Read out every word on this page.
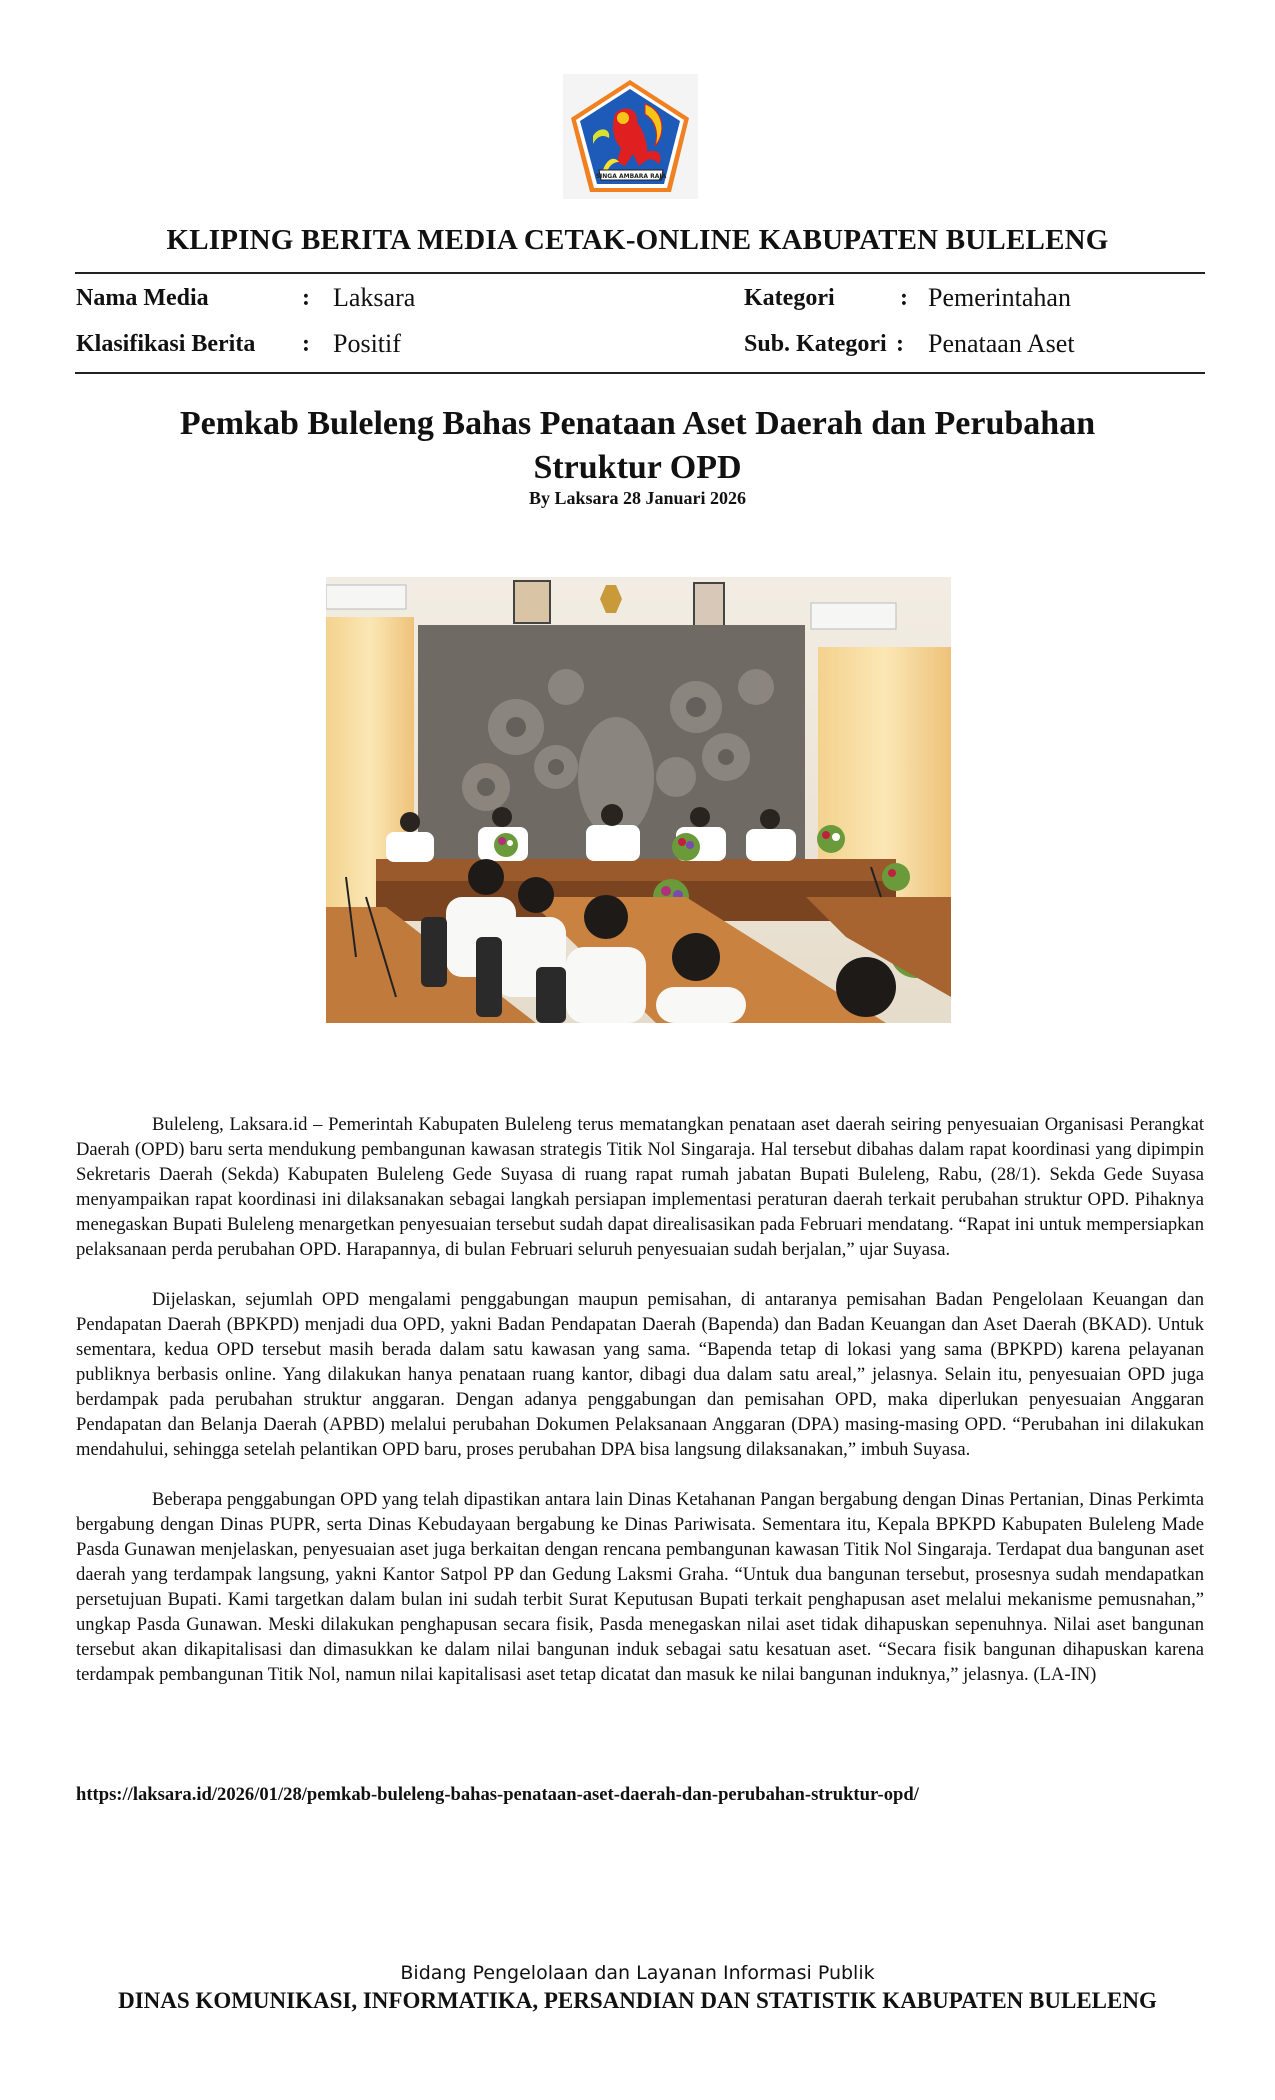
SINGA AMBARA RAJA
KLIPING BERITA MEDIA CETAK-ONLINE KABUPATEN BULELENG
Nama Media	: Laksara	Kategori	: Pemerintahan
Klasifikasi Berita : Positif	Sub. Kategori : Penataan Aset
Pemkab Buleleng Bahas Penataan Aset Daerah dan Perubahan
Struktur OPD
By Laksara 28 Januari 2026

Buleleng, Laksara.id – Pemerintah Kabupaten Buleleng terus mematangkan penataan aset daerah seiring penyesuaian Organisasi Perangkat Daerah (OPD) baru serta mendukung pembangunan kawasan strategis Titik Nol Singaraja. Hal tersebut dibahas dalam rapat koordinasi yang dipimpin Sekretaris Daerah (Sekda) Kabupaten Buleleng Gede Suyasa di ruang rapat rumah jabatan Bupati Buleleng, Rabu, (28/1). Sekda Gede Suyasa menyampaikan rapat koordinasi ini dilaksanakan sebagai langkah persiapan implementasi peraturan daerah terkait perubahan struktur OPD. Pihaknya menegaskan Bupati Buleleng menargetkan penyesuaian tersebut sudah dapat direalisasikan pada Februari mendatang. “Rapat ini untuk mempersiapkan pelaksanaan perda perubahan OPD. Harapannya, di bulan Februari seluruh penyesuaian sudah berjalan,” ujar Suyasa.

Dijelaskan, sejumlah OPD mengalami penggabungan maupun pemisahan, di antaranya pemisahan Badan Pengelolaan Keuangan dan Pendapatan Daerah (BPKPD) menjadi dua OPD, yakni Badan Pendapatan Daerah (Bapenda) dan Badan Keuangan dan Aset Daerah (BKAD). Untuk sementara, kedua OPD tersebut masih berada dalam satu kawasan yang sama. “Bapenda tetap di lokasi yang sama (BPKPD) karena pelayanan publiknya berbasis online. Yang dilakukan hanya penataan ruang kantor, dibagi dua dalam satu areal,” jelasnya. Selain itu, penyesuaian OPD juga berdampak pada perubahan struktur anggaran. Dengan adanya penggabungan dan pemisahan OPD, maka diperlukan penyesuaian Anggaran Pendapatan dan Belanja Daerah (APBD) melalui perubahan Dokumen Pelaksanaan Anggaran (DPA) masing-masing OPD. “Perubahan ini dilakukan mendahului, sehingga setelah pelantikan OPD baru, proses perubahan DPA bisa langsung dilaksanakan,” imbuh Suyasa.

Beberapa penggabungan OPD yang telah dipastikan antara lain Dinas Ketahanan Pangan bergabung dengan Dinas Pertanian, Dinas Perkimta bergabung dengan Dinas PUPR, serta Dinas Kebudayaan bergabung ke Dinas Pariwisata. Sementara itu, Kepala BPKPD Kabupaten Buleleng Made Pasda Gunawan menjelaskan, penyesuaian aset juga berkaitan dengan rencana pembangunan kawasan Titik Nol Singaraja. Terdapat dua bangunan aset daerah yang terdampak langsung, yakni Kantor Satpol PP dan Gedung Laksmi Graha. “Untuk dua bangunan tersebut, prosesnya sudah mendapatkan persetujuan Bupati. Kami targetkan dalam bulan ini sudah terbit Surat Keputusan Bupati terkait penghapusan aset melalui mekanisme pemusnahan,” ungkap Pasda Gunawan. Meski dilakukan penghapusan secara fisik, Pasda menegaskan nilai aset tidak dihapuskan sepenuhnya. Nilai aset bangunan tersebut akan dikapitalisasi dan dimasukkan ke dalam nilai bangunan induk sebagai satu kesatuan aset. “Secara fisik bangunan dihapuskan karena terdampak pembangunan Titik Nol, namun nilai kapitalisasi aset tetap dicatat dan masuk ke nilai bangunan induknya,” jelasnya. (LA-IN)

https://laksara.id/2026/01/28/pemkab-buleleng-bahas-penataan-aset-daerah-dan-perubahan-struktur-opd/
Bidang Pengelolaan dan Layanan Informasi Publik
DINAS KOMUNIKASI, INFORMATIKA, PERSANDIAN DAN STATISTIK KABUPATEN BULELENG
